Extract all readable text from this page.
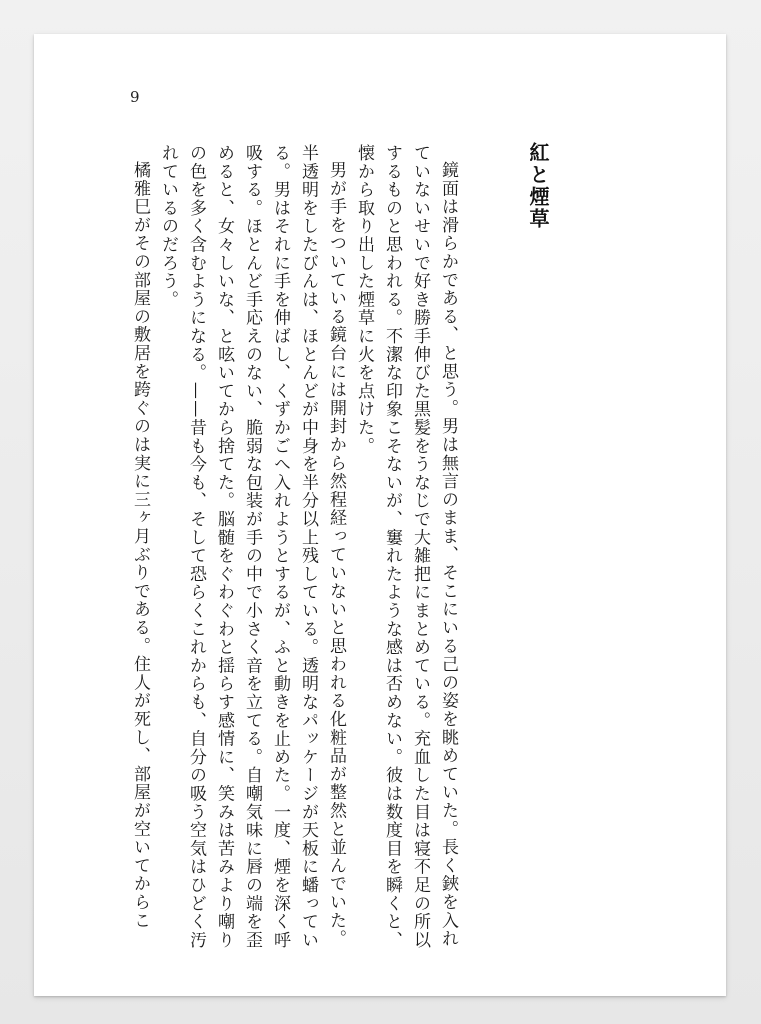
9
紅と煙草

鏡面は滑らかである、と思う。男は無言のまま、そこにいる己の姿を眺めていた。長く鋏を入れていないせいで好き勝手伸びた黒髪をうなじで大雑把にまとめている。充血した目は寝不足の所以するものと思われる。不潔な印象こそないが、窶れたような感は否めない。彼は数度目を瞬くと、懐から取り出した煙草に火を点けた。

男が手をついている鏡台には開封から然程経っていないと思われる化粧品が整然と並んでいた。半透明をしたびんは、ほとんどが中身を半分以上残している。透明なパッケージが天板に蟠っている。男はそれに手を伸ばし、くずかごへ入れようとするが、ふと動きを止めた。一度、煙を深く呼吸する。ほとんど手応えのない、脆弱な包装が手の中で小さく音を立てる。自嘲気味に唇の端を歪めると、女々しいな、と呟いてから捨てた。脳髄をぐわぐわと揺らす感情に、笑みは苦みより嘲りの色を多く含むようになる。——昔も今も、そして恐らくこれからも、自分の吸う空気はひどく汚れているのだろう。

橘雅巳がその部屋の敷居を跨ぐのは実に三ヶ月ぶりである。住人が死し、部屋が空いてからこ
